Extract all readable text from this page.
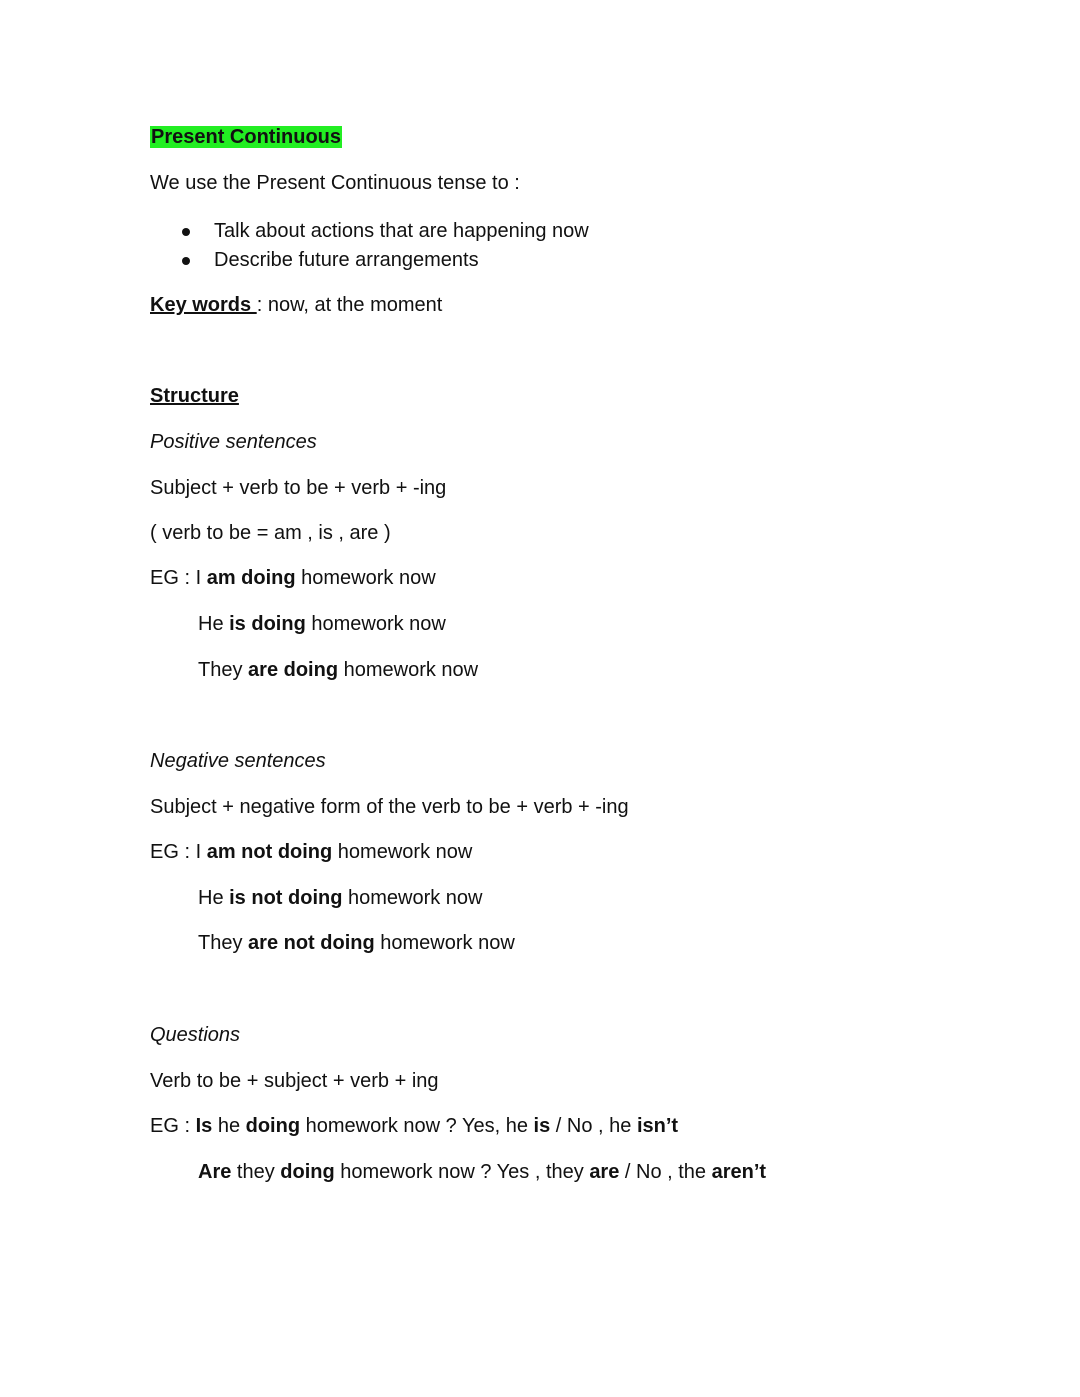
Present Continuous
We use the Present Continuous tense to :
Talk about actions that are happening now
Describe future arrangements
Key words : now, at the moment
Structure
Positive sentences
Subject + verb to be + verb + -ing
( verb to be = am , is , are )
EG : I am doing homework now
He is doing homework now
They are doing homework now
Negative sentences
Subject + negative form of the verb to be + verb + -ing
EG : I am not doing homework now
He is not doing homework now
They are not doing homework now
Questions
Verb to be + subject + verb + ing
EG : Is he doing homework now ? Yes, he is / No , he isn’t
Are they doing homework now ? Yes , they are / No , the aren’t
